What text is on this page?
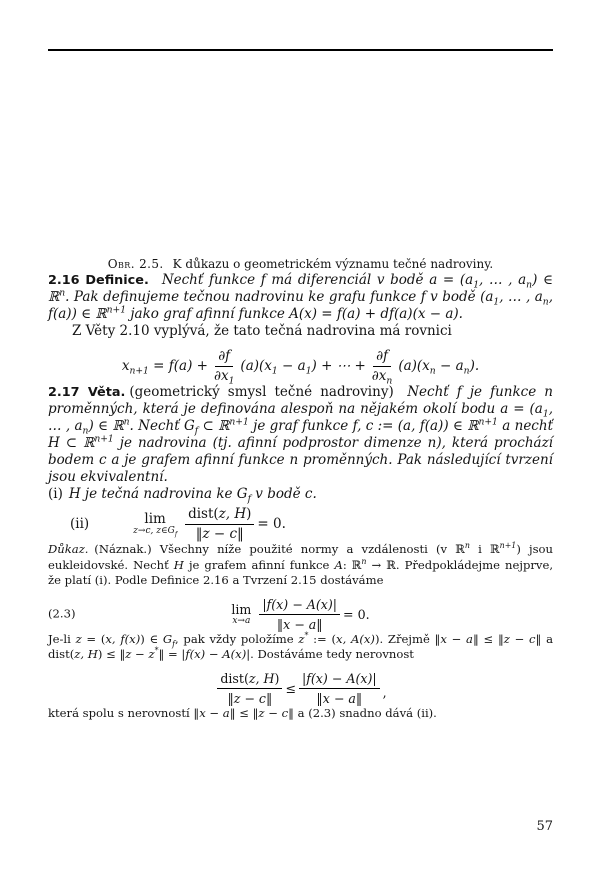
Obr. 2.5. K důkazu o geometrickém významu tečné nadroviny.

2.16 Definice. Nechť funkce f má diferenciál v bodě $a = (a_1$, … , $a_n$) ∈ ℝ$^n$. Pak definujeme tečnou nadrovinu ke grafu funkce f v bodě ($a_1$, … , $a_n$, f(a)) ∈ ℝ$^{n+1}$ jako graf afinní funkce A(x) = f(a) + df(a)(x − a).

Z Věty 2.10 vyplývá, že tato tečná nadrovina má rovnici

$x_{n+1} = f(a) + \frac{\partial f}{\partial x_1} (a)(x_1 - a_1)$ + ⋯ + $\frac{\partial f}{\partial x_n} (a)(x_n - a_n)$.

2.17 Věta. (geometrický smysl tečné nadroviny) Nechť f je funkce n proměnných, která je definována alespoň na nějakém okolí bodu $a = (a_1$, … , $a_n$) ∈ ℝ$^n$. Nechť $G_f$ ⊂ ℝ$^{n+1}$ je graf funkce f, c := (a, f(a)) ∈ ℝ$^{n+1}$ a nechť H ⊂ ℝ$^{n+1}$ je nadrovina (tj. afinní podprostor dimenze n), která prochází bodem c a je grafem afinní funkce n proměnných. Pak následující tvrzení jsou ekvivalentní.

(i) H je tečná nadrovina ke $G_f$ v bodě c.

(ii)	lim
z→c, $z\in G_f \frac{\text{dist(z, H)}}{‖z - c‖} = 0$.

Důkaz. (Náznak.) Všechny níže použité normy a vzdálenosti (v ℝ$^n$ i ℝ$^{n+1}$) jsou eukleidovské. Nechť H je grafem afinní funkce A: ℝ$^n$ → ℝ. Předpokládejme nejprve, že platí (i). Podle Definice 2.16 a Tvrzení 2.15 dostáváme

(2.3)	lim
$x\to a \frac{|f(x) - A(x)|}{‖x - a‖} = 0$.

Je-li z = (x, f(x)) ∈ $G_f$, pak vždy položíme z* := (x, A(x)). Zřejmě ‖x − a‖ ≤ ‖z − c‖ a dist(z, H) ≤ ‖z − z*‖ = |f(x) − A(x)|. Dostáváme tedy nerovnost

$\frac{\text{dist(z, H)}}{‖z - c‖} \le \frac{|f(x) - A(x)|}{‖x - a‖}$ ,

která spolu s nerovností ‖x − a‖ ≤ ‖z − c‖ a (2.3) snadno dává (ii).

57
